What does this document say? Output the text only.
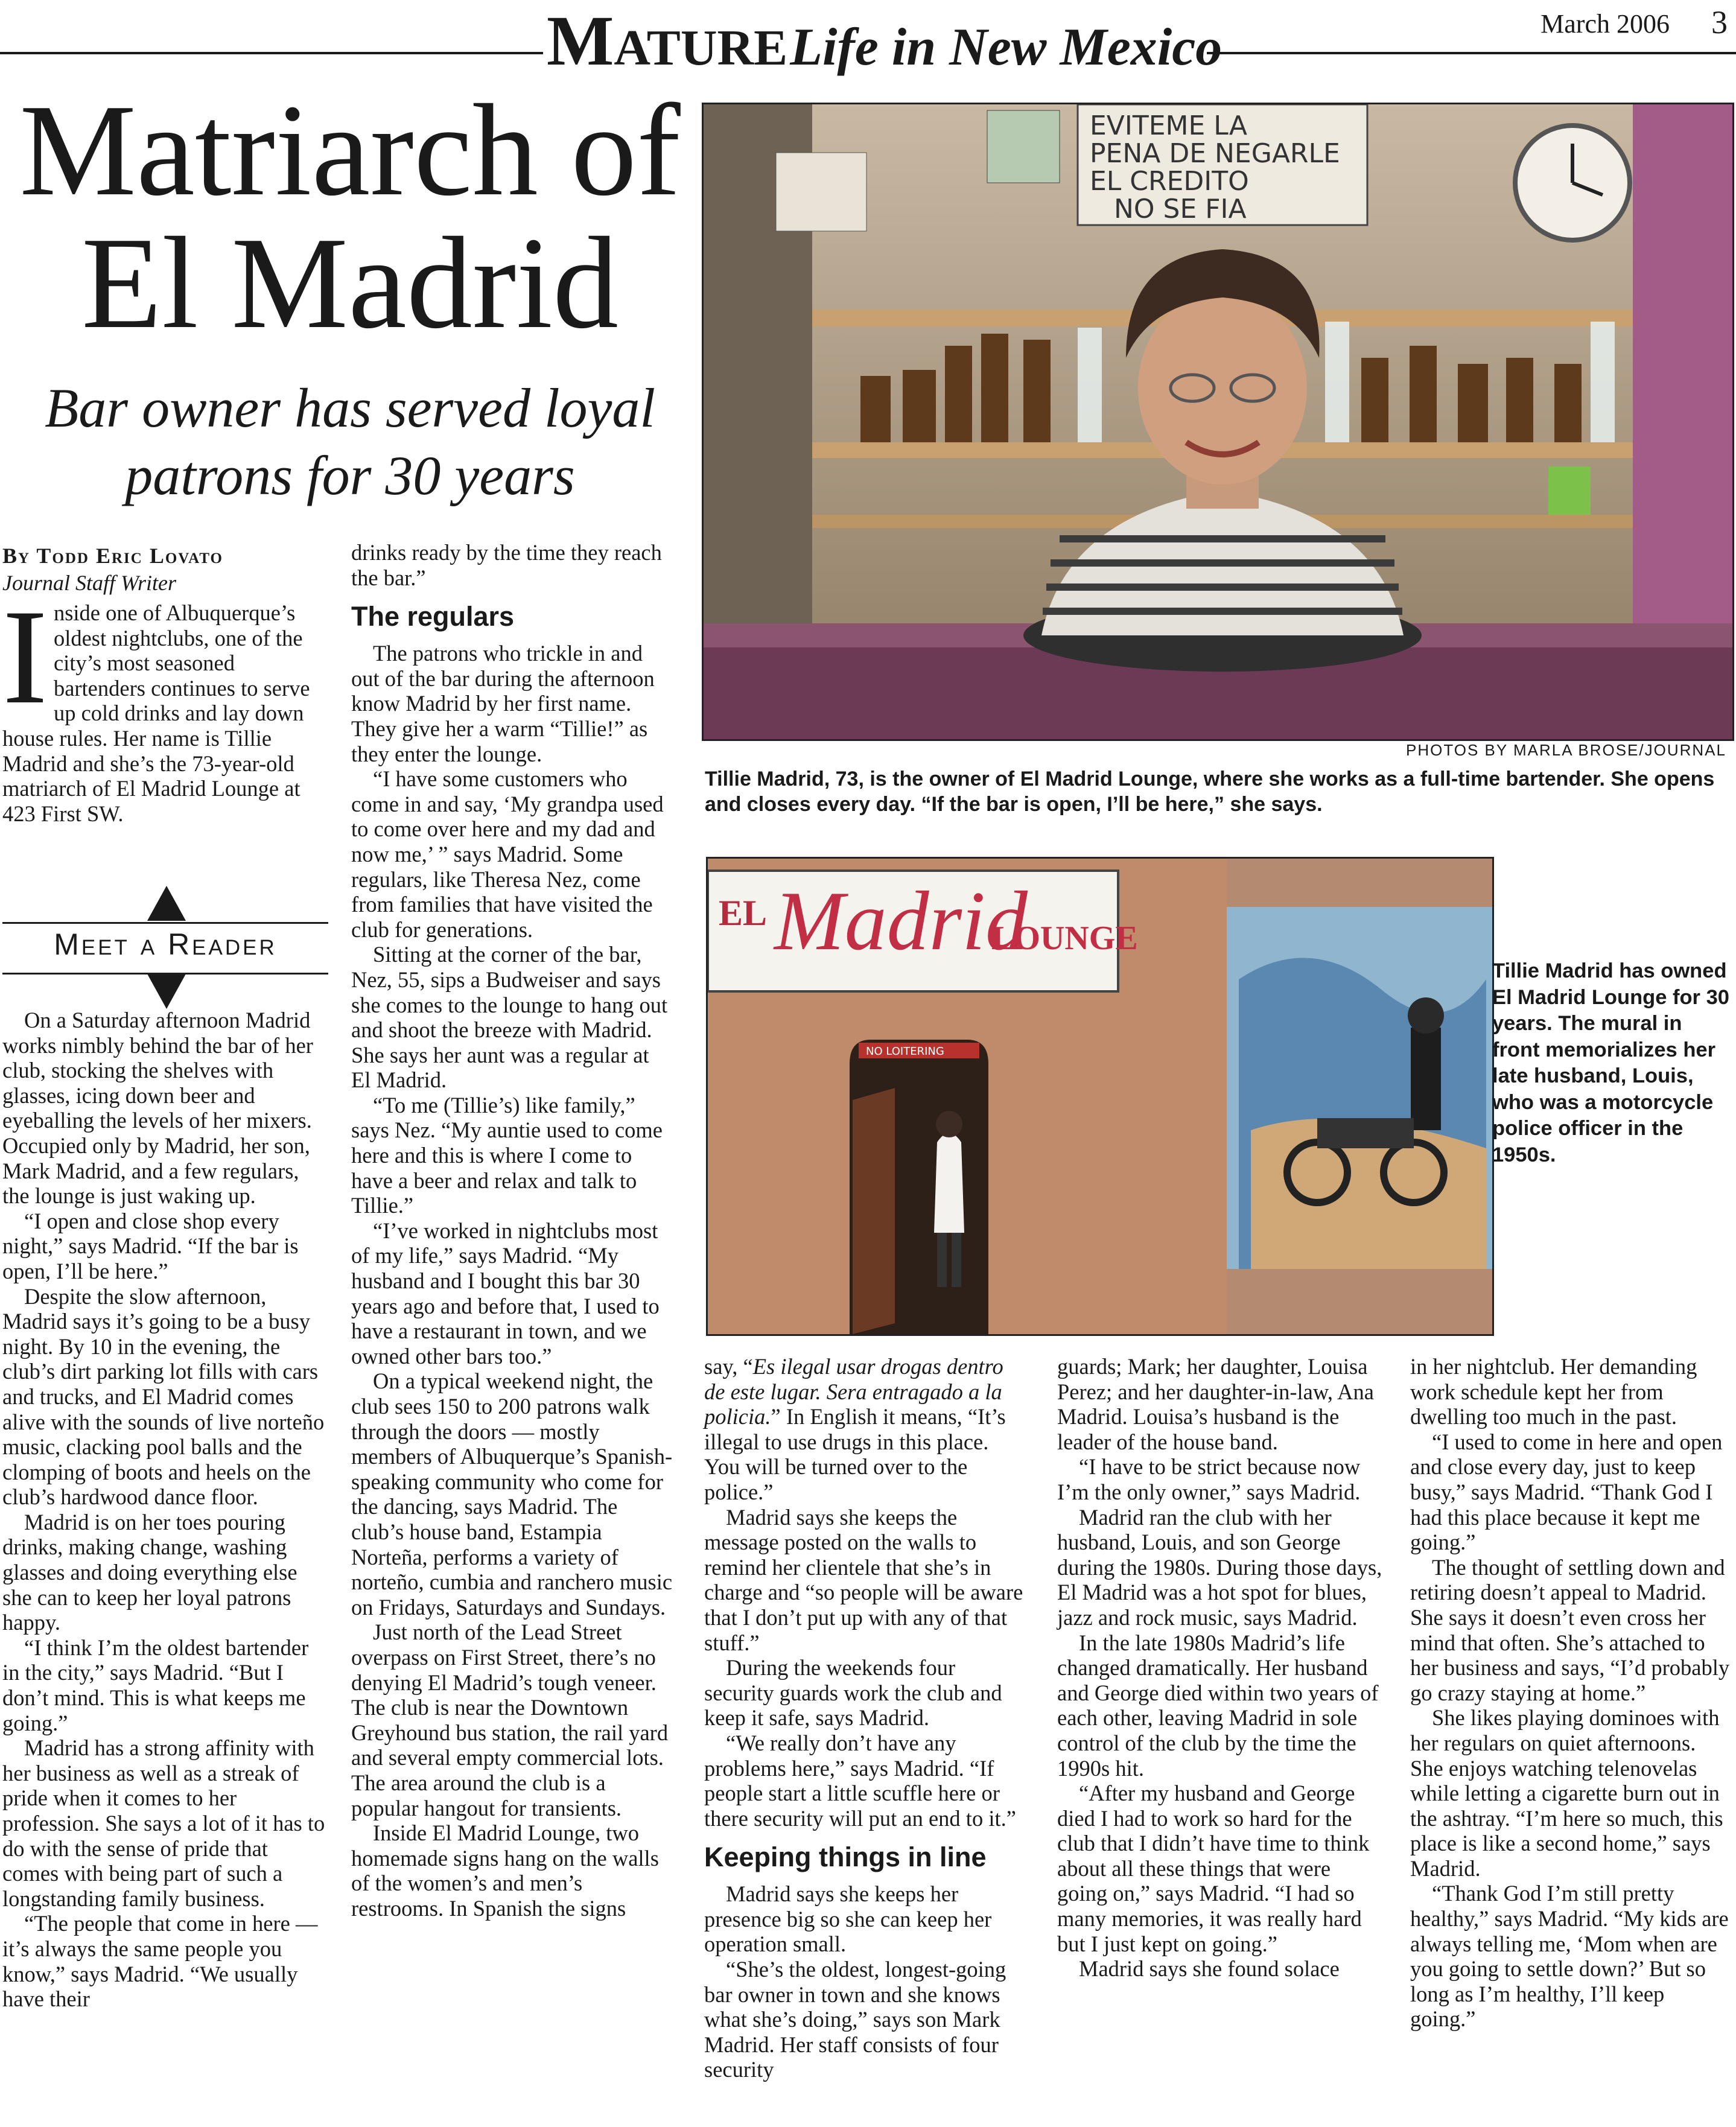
MATURE Life in New Mexico	March 2006 3
Matriarch of
El Madrid
Bar owner has served loyal
patrons for 30 years
By Todd Eric Lovato
Journal Staff Writer

Inside one of Albuquerque’s oldest nightclubs, one of the city’s most seasoned bartenders continues to serve up cold drinks and lay down house rules. Her name is Tillie Madrid and she’s the 73-year-old matriarch of El Madrid Lounge at 423 First SW.

Meet a Reader

On a Saturday afternoon Madrid works nimbly behind the bar of her club, stocking the shelves with glasses, icing down beer and eyeballing the levels of her mixers. Occupied only by Madrid, her son, Mark Madrid, and a few regulars, the lounge is just waking up.

“I open and close shop every night,” says Madrid. “If the bar is open, I’ll be here.”

Despite the slow afternoon, Madrid says it’s going to be a busy night. By 10 in the evening, the club’s dirt parking lot fills with cars and trucks, and El Madrid comes alive with the sounds of live norteño music, clacking pool balls and the clomping of boots and heels on the club’s hardwood dance floor.

Madrid is on her toes pouring drinks, making change, washing glasses and doing everything else she can to keep her loyal patrons happy.

“I think I’m the oldest bartender in the city,” says Madrid. “But I don’t mind. This is what keeps me going.”

Madrid has a strong affinity with her business as well as a streak of pride when it comes to her profession. She says a lot of it has to do with the sense of pride that comes with being part of such a longstanding family business.

“The people that come in here — it’s always the same people you know,” says Madrid. “We usually have their

drinks ready by the time they reach the bar.”

The regulars

The patrons who trickle in and out of the bar during the afternoon know Madrid by her first name. They give her a warm “Tillie!” as they enter the lounge.

“I have some customers who come in and say, ‘My grandpa used to come over here and my dad and now me,’ ” says Madrid. Some regulars, like Theresa Nez, come from families that have visited the club for generations.

Sitting at the corner of the bar, Nez, 55, sips a Budweiser and says she comes to the lounge to hang out and shoot the breeze with Madrid. She says her aunt was a regular at El Madrid.

“To me (Tillie’s) like family,” says Nez. “My auntie used to come here and this is where I come to have a beer and relax and talk to Tillie.”

“I’ve worked in nightclubs most of my life,” says Madrid. “My husband and I bought this bar 30 years ago and before that, I used to have a restaurant in town, and we owned other bars too.”

On a typical weekend night, the club sees 150 to 200 patrons walk through the doors — mostly members of Albuquerque’s Spanish-speaking community who come for the dancing, says Madrid. The club’s house band, Estampia Norteña, performs a variety of norteño, cumbia and ranchero music on Fridays, Saturdays and Sundays.

Just north of the Lead Street overpass on First Street, there’s no denying El Madrid’s tough veneer. The club is near the Downtown Greyhound bus station, the rail yard and several empty commercial lots. The area around the club is a popular hangout for transients.

Inside El Madrid Lounge, two homemade signs hang on the walls of the women’s and men’s restrooms. In Spanish the signs

EVITEME LA
PENA DE NEGARLE
EL CREDITO
NO SE FIA
PHOTOS BY MARLA BROSE/JOURNAL
Tillie Madrid, 73, is the owner of El Madrid Lounge, where she works as a full-time bartender. She opens and closes every day. “If the bar is open, I’ll be here,” she says.
EL Madrid
LOUNGE
NO LOITERING
Tillie Madrid has owned El Madrid Lounge for 30 years. The mural in front memorializes her late husband, Louis, who was a motorcycle police officer in the 1950s.

say, “Es ilegal usar drogas dentro de este lugar. Sera entragado a la policia.” In English it means, “It’s illegal to use drugs in this place. You will be turned over to the police.”

Madrid says she keeps the message posted on the walls to remind her clientele that she’s in charge and “so people will be aware that I don’t put up with any of that stuff.”

During the weekends four security guards work the club and keep it safe, says Madrid.

“We really don’t have any problems here,” says Madrid. “If people start a little scuffle here or there security will put an end to it.”

Keeping things in line

Madrid says she keeps her presence big so she can keep her operation small.

“She’s the oldest, longest-going bar owner in town and she knows what she’s doing,” says son Mark Madrid. Her staff consists of four security

guards; Mark; her daughter, Louisa Perez; and her daughter-in-law, Ana Madrid. Louisa’s husband is the leader of the house band.

“I have to be strict because now I’m the only owner,” says Madrid.

Madrid ran the club with her husband, Louis, and son George during the 1980s. During those days, El Madrid was a hot spot for blues, jazz and rock music, says Madrid.

In the late 1980s Madrid’s life changed dramatically. Her husband and George died within two years of each other, leaving Madrid in sole control of the club by the time the 1990s hit.

“After my husband and George died I had to work so hard for the club that I didn’t have time to think about all these things that were going on,” says Madrid. “I had so many memories, it was really hard but I just kept on going.”

Madrid says she found solace

in her nightclub. Her demanding work schedule kept her from dwelling too much in the past.

“I used to come in here and open and close every day, just to keep busy,” says Madrid. “Thank God I had this place because it kept me going.”

The thought of settling down and retiring doesn’t appeal to Madrid. She says it doesn’t even cross her mind that often. She’s attached to her business and says, “I’d probably go crazy staying at home.”

She likes playing dominoes with her regulars on quiet afternoons. She enjoys watching telenovelas while letting a cigarette burn out in the ashtray. “I’m here so much, this place is like a second home,” says Madrid.

“Thank God I’m still pretty healthy,” says Madrid. “My kids are always telling me, ‘Mom when are you going to settle down?’ But so long as I’m healthy, I’ll keep going.”
